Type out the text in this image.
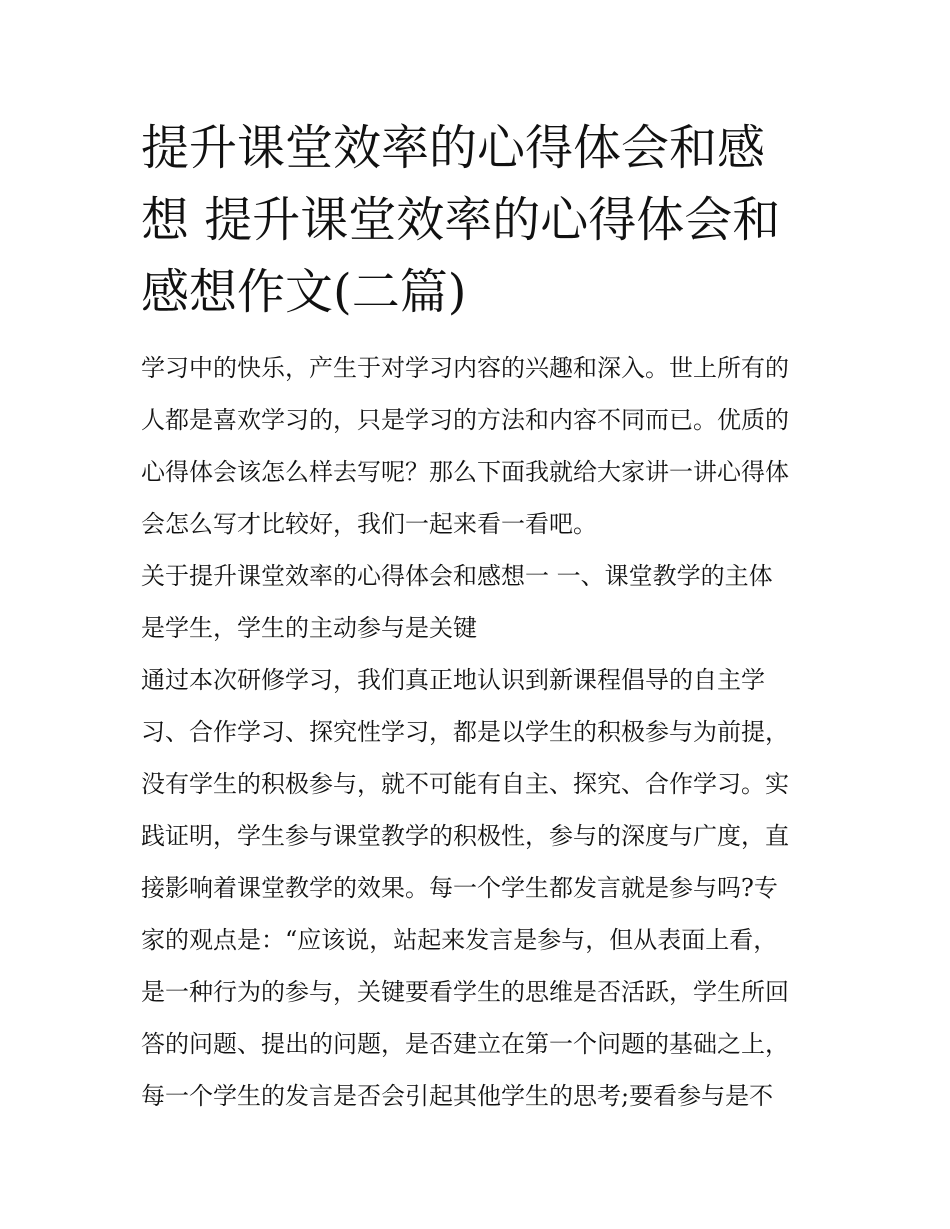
提升课堂效率的心得体会和感
想 提升课堂效率的心得体会和
感想作文(二篇)

学习中的快乐，产生于对学习内容的兴趣和深入。世上所有的
人都是喜欢学习的，只是学习的方法和内容不同而已。优质的
心得体会该怎么样去写呢？那么下面我就给大家讲一讲心得体
会怎么写才比较好，我们一起来看一看吧。

关于提升课堂效率的心得体会和感想一 一、课堂教学的主体
是学生，学生的主动参与是关键

通过本次研修学习，我们真正地认识到新课程倡导的自主学
习、合作学习、探究性学习，都是以学生的积极参与为前提，
没有学生的积极参与，就不可能有自主、探究、合作学习。实
践证明，学生参与课堂教学的积极性，参与的深度与广度，直
接影响着课堂教学的效果。每一个学生都发言就是参与吗?专
家的观点是：“应该说，站起来发言是参与，但从表面上看，
是一种行为的参与，关键要看学生的思维是否活跃，学生所回
答的问题、提出的问题，是否建立在第一个问题的基础之上，
每一个学生的发言是否会引起其他学生的思考;要看参与是不
